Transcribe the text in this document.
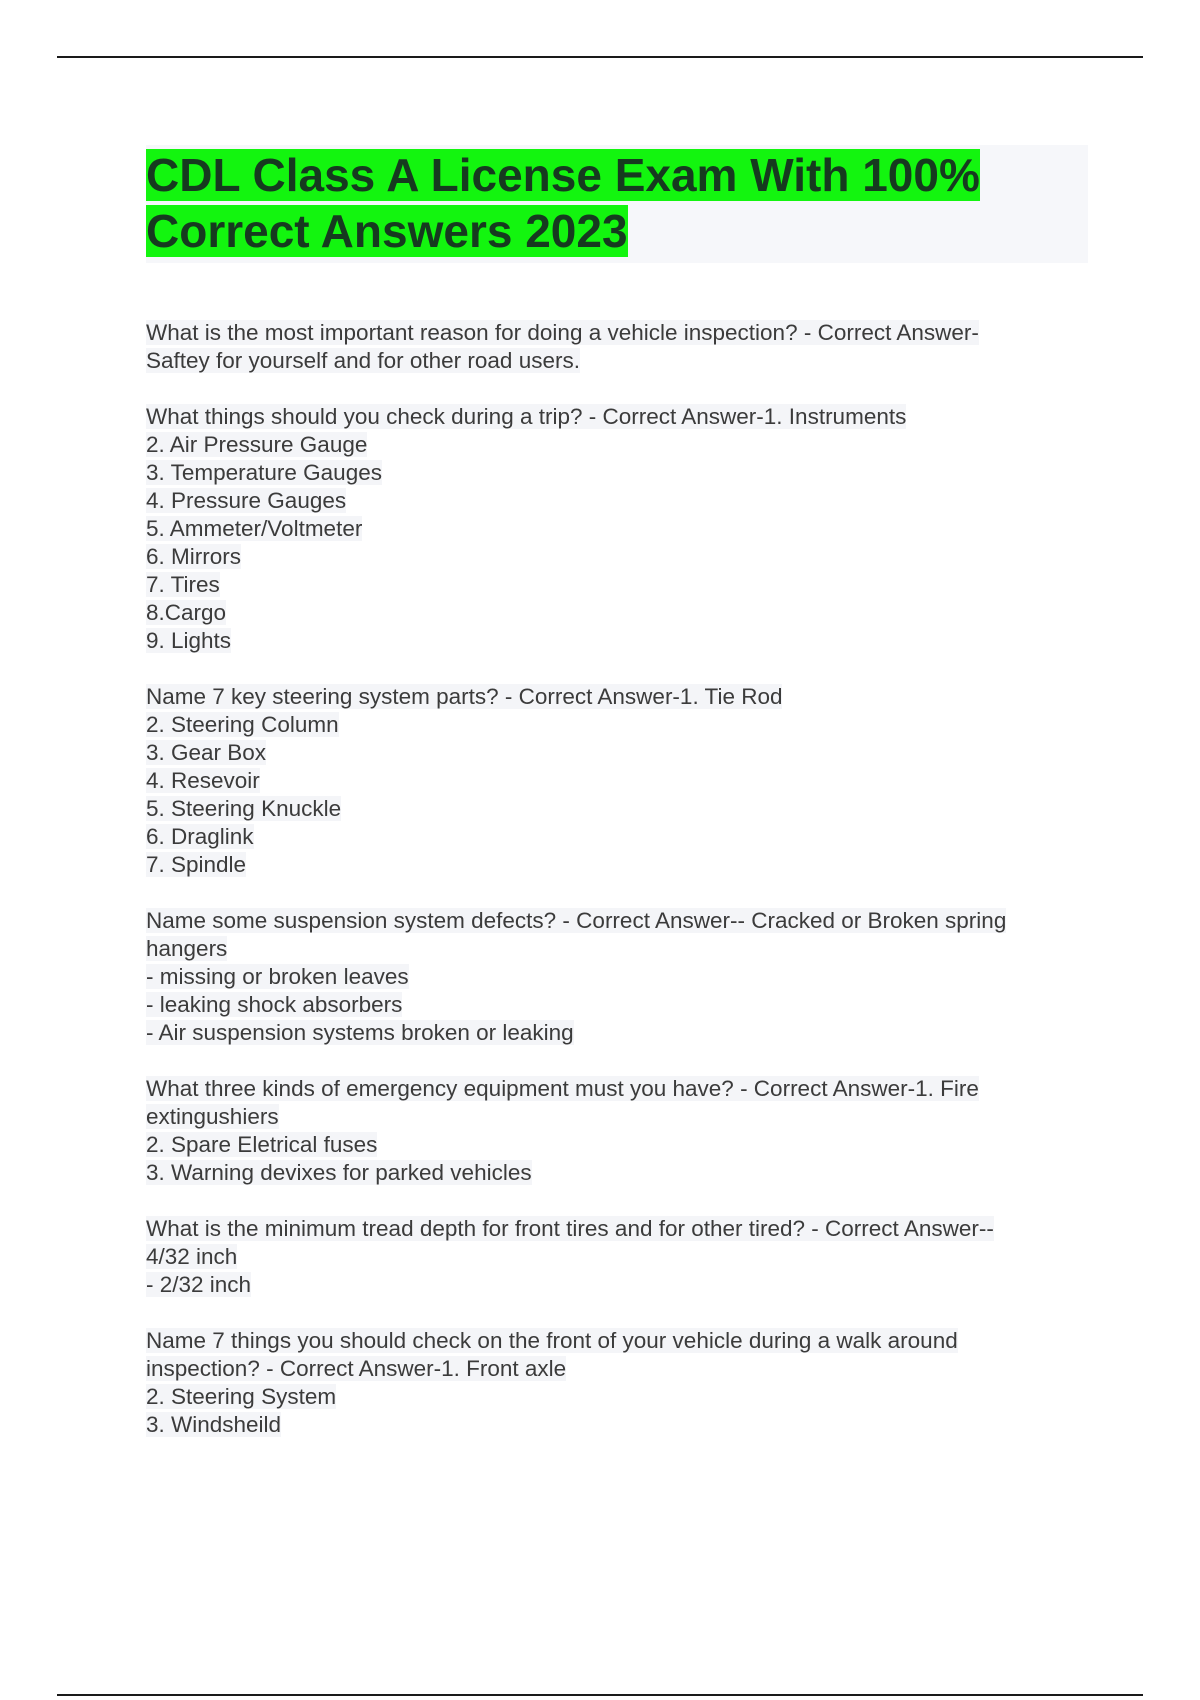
CDL Class A License Exam With 100% Correct Answers 2023

What is the most important reason for doing a vehicle inspection? - Correct Answer-
Saftey for yourself and for other road users.

What things should you check during a trip? - Correct Answer-1. Instruments
2. Air Pressure Gauge
3. Temperature Gauges
4. Pressure Gauges
5. Ammeter/Voltmeter
6. Mirrors
7. Tires
8.Cargo
9. Lights

Name 7 key steering system parts? - Correct Answer-1. Tie Rod
2. Steering Column
3. Gear Box
4. Resevoir
5. Steering Knuckle
6. Draglink
7. Spindle

Name some suspension system defects? - Correct Answer-- Cracked or Broken spring
hangers
- missing or broken leaves
- leaking shock absorbers
- Air suspension systems broken or leaking

What three kinds of emergency equipment must you have? - Correct Answer-1. Fire
extingushiers
2. Spare Eletrical fuses
3. Warning devixes for parked vehicles

What is the minimum tread depth for front tires and for other tired? - Correct Answer--
4/32 inch
- 2/32 inch

Name 7 things you should check on the front of your vehicle during a walk around
inspection? - Correct Answer-1. Front axle
2. Steering System
3. Windsheild
